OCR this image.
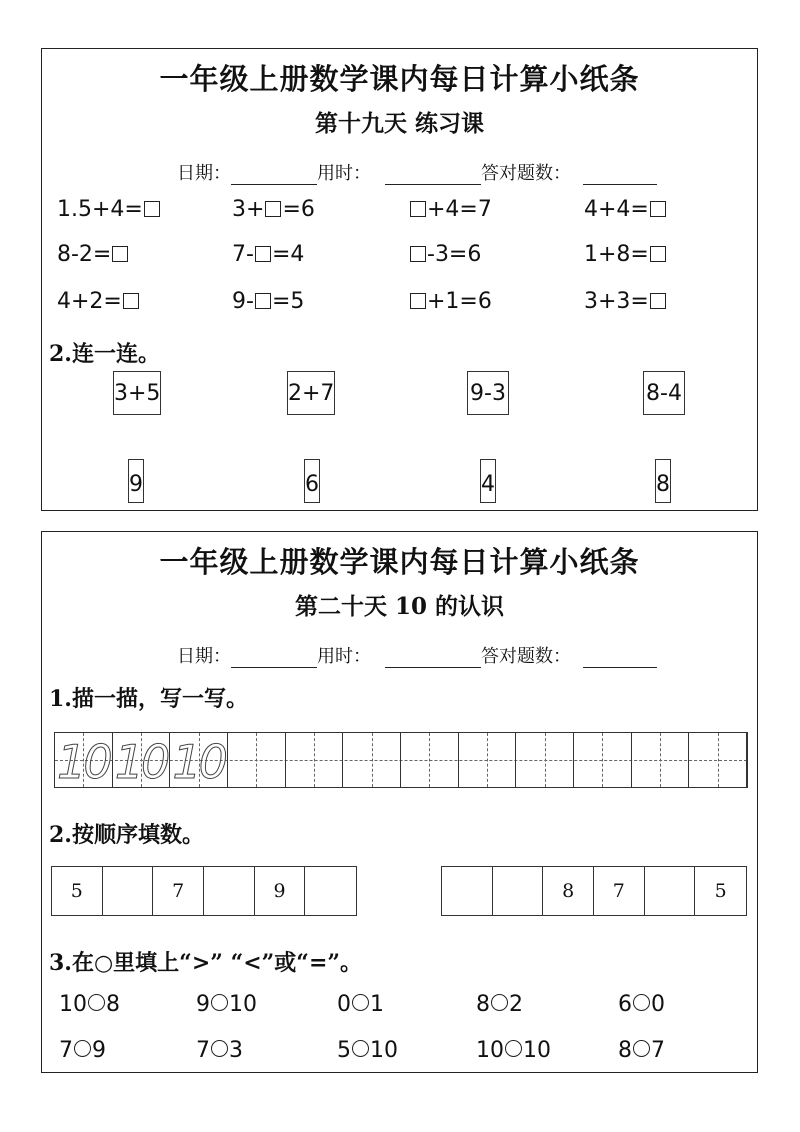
一年级上册数学课内每日计算小纸条
第十九天 练习课
日期：	用时：	答对题数：
1.5+4=	3+ =6	+4=7	4+4=
8-2=	7- =4	-3=6	1+8=
4+2=	9- =5	+1=6	3+3=
2.连一连。
3+5	2+7	9-3	8-4
9	6	4	8
一年级上册数学课内每日计算小纸条
第二十天 10 的认识
日期：	用时：	答对题数：
1.描一描，写一写。
10 10 10
2.按顺序填数。
5	7	9	8	7	5
3.在○里填上“>” “<”或“=”。
10 8	9 10	0 1	8 2	6 0
7 9	7 3	5 10	10 10	8 7
